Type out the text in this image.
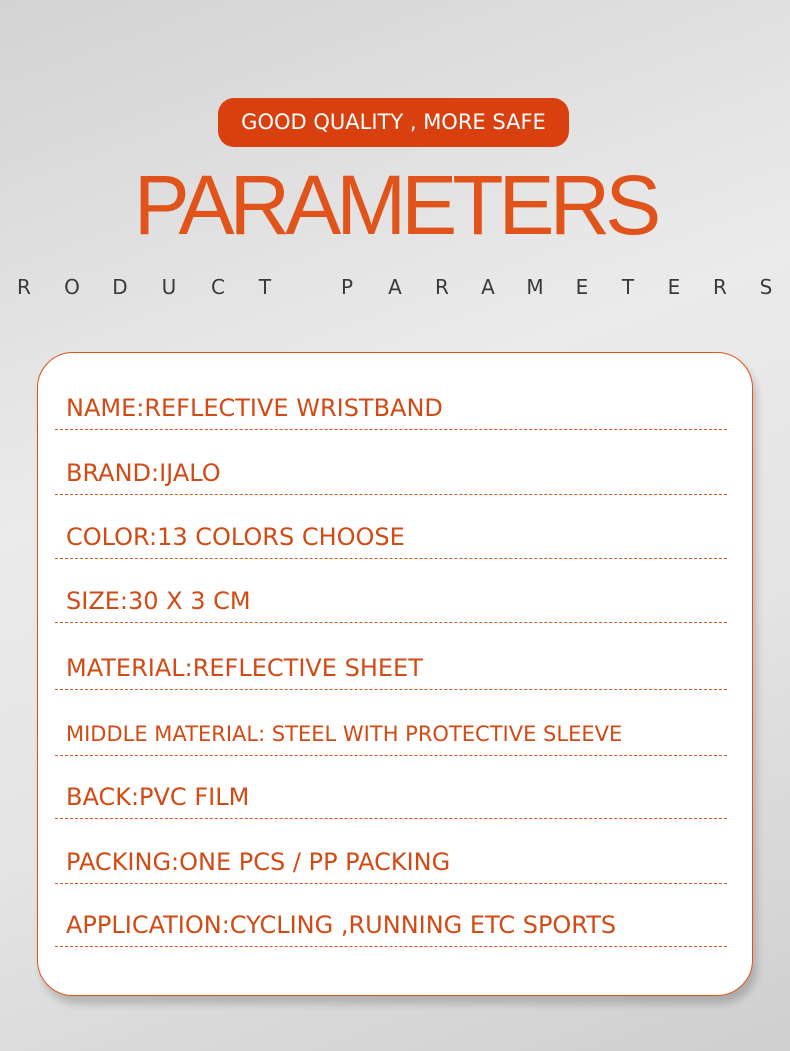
GOOD QUALITY , MORE SAFE
PARAMETERS
R O D U C T	P A R A M E T E R S
NAME:REFLECTIVE WRISTBAND
BRAND:IJALO
COLOR:13 COLORS CHOOSE
SIZE:30 X 3 CM
MATERIAL:REFLECTIVE SHEET
MIDDLE MATERIAL: STEEL WITH PROTECTIVE SLEEVE
BACK:PVC FILM
PACKING:ONE PCS / PP PACKING
APPLICATION:CYCLING ,RUNNING ETC SPORTS
